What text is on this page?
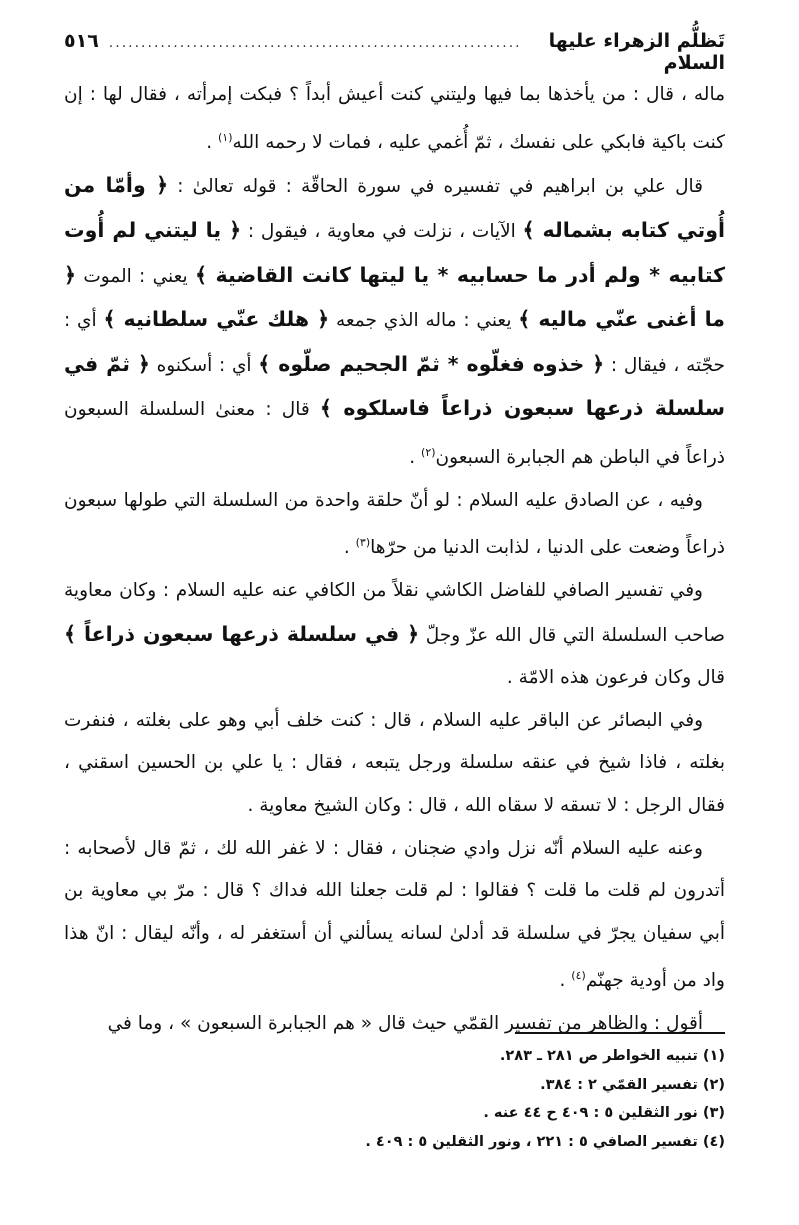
تَظلُّم الزهراء عليها السلام
................................................................
٥١٦

ماله ، قال : من يأخذها بما فيها وليتني كنت أعيش أبداً ؟ فبكت إمرأته ، فقال لها : إن كنت باكية فابكي على نفسك ، ثمّ أُغمي عليه ، فمات لا رحمه الله$^{(١)}$ .

قال علي بن ابراهيم في تفسيره في سورة الحاقّة : قوله تعالىٰ : ﴿ وأمّا من أُوتي كتابه بشماله ﴾ الآيات ، نزلت في معاوية ، فيقول : ﴿ يا ليتني لم أُوت كتابيه * ولم أدر ما حسابيه * يا ليتها كانت القاضية ﴾ يعني : الموت ﴿ ما أغنى عنّي ماليه ﴾ يعني : ماله الذي جمعه ﴿ هلك عنّي سلطانيه ﴾ أي : حجّته ، فيقال : ﴿ خذوه فغلّوه * ثمّ الجحيم صلّوه ﴾ أي : أسكنوه ﴿ ثمّ في سلسلة ذرعها سبعون ذراعاً فاسلكوه ﴾ قال : معنىٰ السلسلة السبعون ذراعاً في الباطن هم الجبابرة السبعون$^{(٢)}$ .

وفيه ، عن الصادق عليه السلام : لو أنّ حلقة واحدة من السلسلة التي طولها سبعون ذراعاً وضعت على الدنيا ، لذابت الدنيا من حرّها$^{(٣)}$ .

وفي تفسير الصافي للفاضل الكاشي نقلاً من الكافي عنه عليه السلام : وكان معاوية صاحب السلسلة التي قال الله عزّ وجلّ ﴿ في سلسلة ذرعها سبعون ذراعاً ﴾ قال وكان فرعون هذه الامّة .

وفي البصائر عن الباقر عليه السلام ، قال : كنت خلف أبي وهو على بغلته ، فنفرت بغلته ، فاذا شيخ في عنقه سلسلة ورجل يتبعه ، فقال : يا علي بن الحسين اسقني ، فقال الرجل : لا تسقه لا سقاه الله ، قال : وكان الشيخ معاوية .

وعنه عليه السلام أنّه نزل وادي ضجنان ، فقال : لا غفر الله لك ، ثمّ قال لأصحابه : أتدرون لم قلت ما قلت ؟ فقالوا : لم قلت جعلنا الله فداك ؟ قال : مرّ بي معاوية بن أبي سفيان يجرّ في سلسلة قد أدلىٰ لسانه يسألني أن أستغفر له ، وأنّه ليقال : انّ هذا واد من أودية جهنّم$^{(٤)}$ .

أقول : والظاهر من تفسير القمّي حيث قال « هم الجبابرة السبعون » ، وما في

(١) تنبيه الخواطر ص ٢٨١ ـ ٢٨٣.

(٢) تفسير القمّي ٢ : ٣٨٤.

(٣) نور الثقلين ٥ : ٤٠٩ ح ٤٤ عنه .

(٤) تفسير الصافي ٥ : ٢٢١ ، ونور الثقلين ٥ : ٤٠٩ .
